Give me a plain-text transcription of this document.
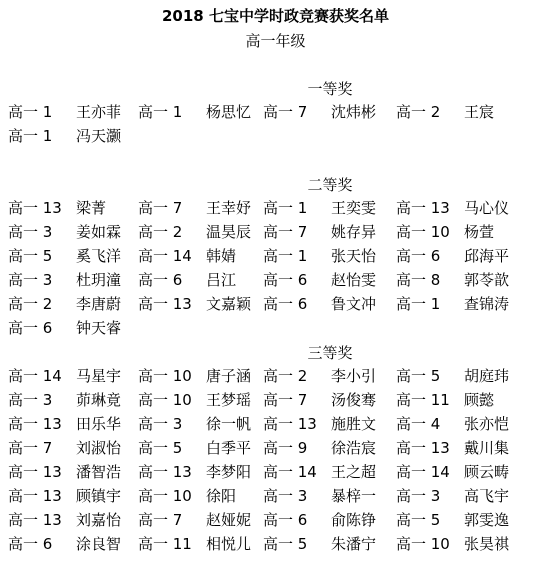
2018 七宝中学时政竞赛获奖名单
高一年级
一等奖
高一 1	王亦菲	高一 1	杨思忆 高一 7	沈炜彬	高一 2	王宸
高一 1	冯天灏
二等奖
高一 13 梁菁	高一 7	王幸妤 高一 1	王奕雯	高一 13 马心仪
高一 3	姜如霖	高一 2	温昊辰 高一 7	姚存异	高一 10 杨萱
高一 5	奚飞洋	高一 14 韩婧	高一 1	张天怡	高一 6	邱海平
高一 3	杜玥潼	高一 6	吕江	高一 6	赵怡雯	高一 8	郭苓歆
高一 2	李唐蔚	高一 13 文嘉颖 高一 6	鲁文冲	高一 1	查锦涛
高一 6	钟天睿
三等奖
高一 14 马星宇	高一 10 唐子涵 高一 2	李小引	高一 5	胡庭玮
高一 3	茆琳竟	高一 10 王梦瑶 高一 7	汤俊骞	高一 11 顾懿
高一 13 田乐华	高一 3	徐一帆 高一 13 施胜文	高一 4	张亦恺
高一 7	刘淑怡	高一 5	白季平 高一 9	徐浩宸	高一 13 戴川集
高一 13 潘智浩	高一 13 李梦阳 高一 14 王之超	高一 14 顾云畴
高一 13 顾镇宇	高一 10 徐阳	高一 3	暴梓一	高一 3	高飞宇
高一 13 刘嘉怡	高一 7	赵娅妮 高一 6	俞陈铮	高一 5	郭雯逸
高一 6	涂良智	高一 11 相悦儿 高一 5	朱潘宁	高一 10 张昊祺
